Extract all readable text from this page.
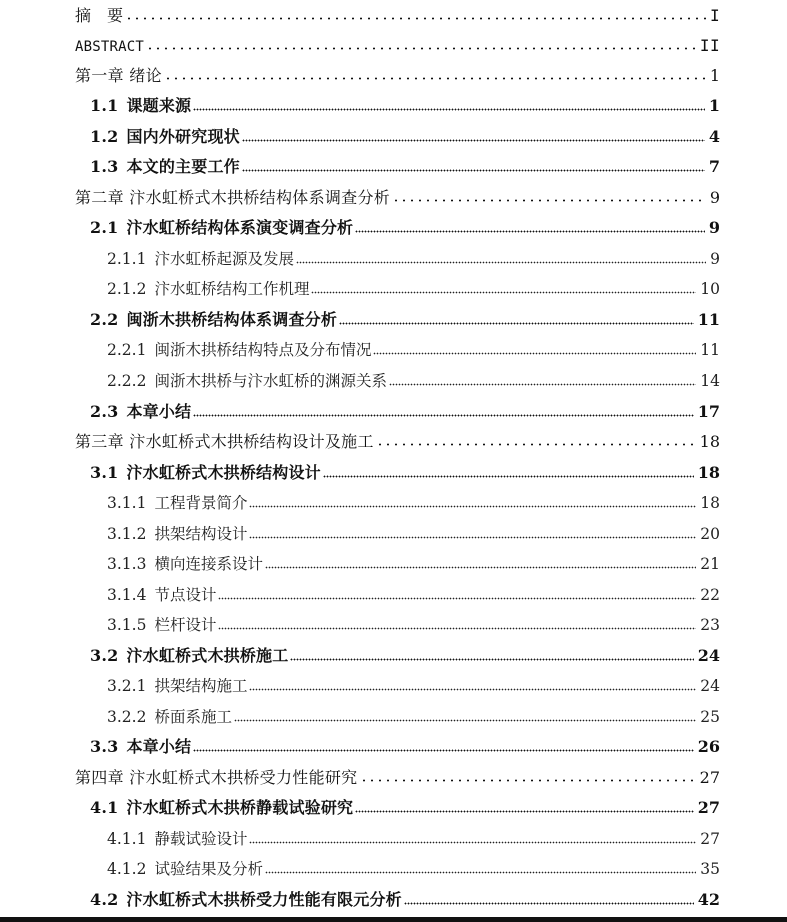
摘　要	I
ABSTRACT	II
第一章 绪论	1
1.1 课题来源	1
1.2 国内外研究现状	4
1.3 本文的主要工作	7
第二章 汴水虹桥式木拱桥结构体系调查分析	9
2.1 汴水虹桥结构体系演变调查分析	9
2.1.1 汴水虹桥起源及发展	9
2.1.2 汴水虹桥结构工作机理	10
2.2 闽浙木拱桥结构体系调查分析	11
2.2.1 闽浙木拱桥结构特点及分布情况	11
2.2.2 闽浙木拱桥与汴水虹桥的渊源关系	14
2.3 本章小结	17
第三章 汴水虹桥式木拱桥结构设计及施工	18
3.1 汴水虹桥式木拱桥结构设计	18
3.1.1 工程背景简介	18
3.1.2 拱架结构设计	20
3.1.3 横向连接系设计	21
3.1.4 节点设计	22
3.1.5 栏杆设计	23
3.2 汴水虹桥式木拱桥施工	24
3.2.1 拱架结构施工	24
3.2.2 桥面系施工	25
3.3 本章小结	26
第四章 汴水虹桥式木拱桥受力性能研究	27
4.1 汴水虹桥式木拱桥静载试验研究	27
4.1.1 静载试验设计	27
4.1.2 试验结果及分析	35
4.2 汴水虹桥式木拱桥受力性能有限元分析	42
